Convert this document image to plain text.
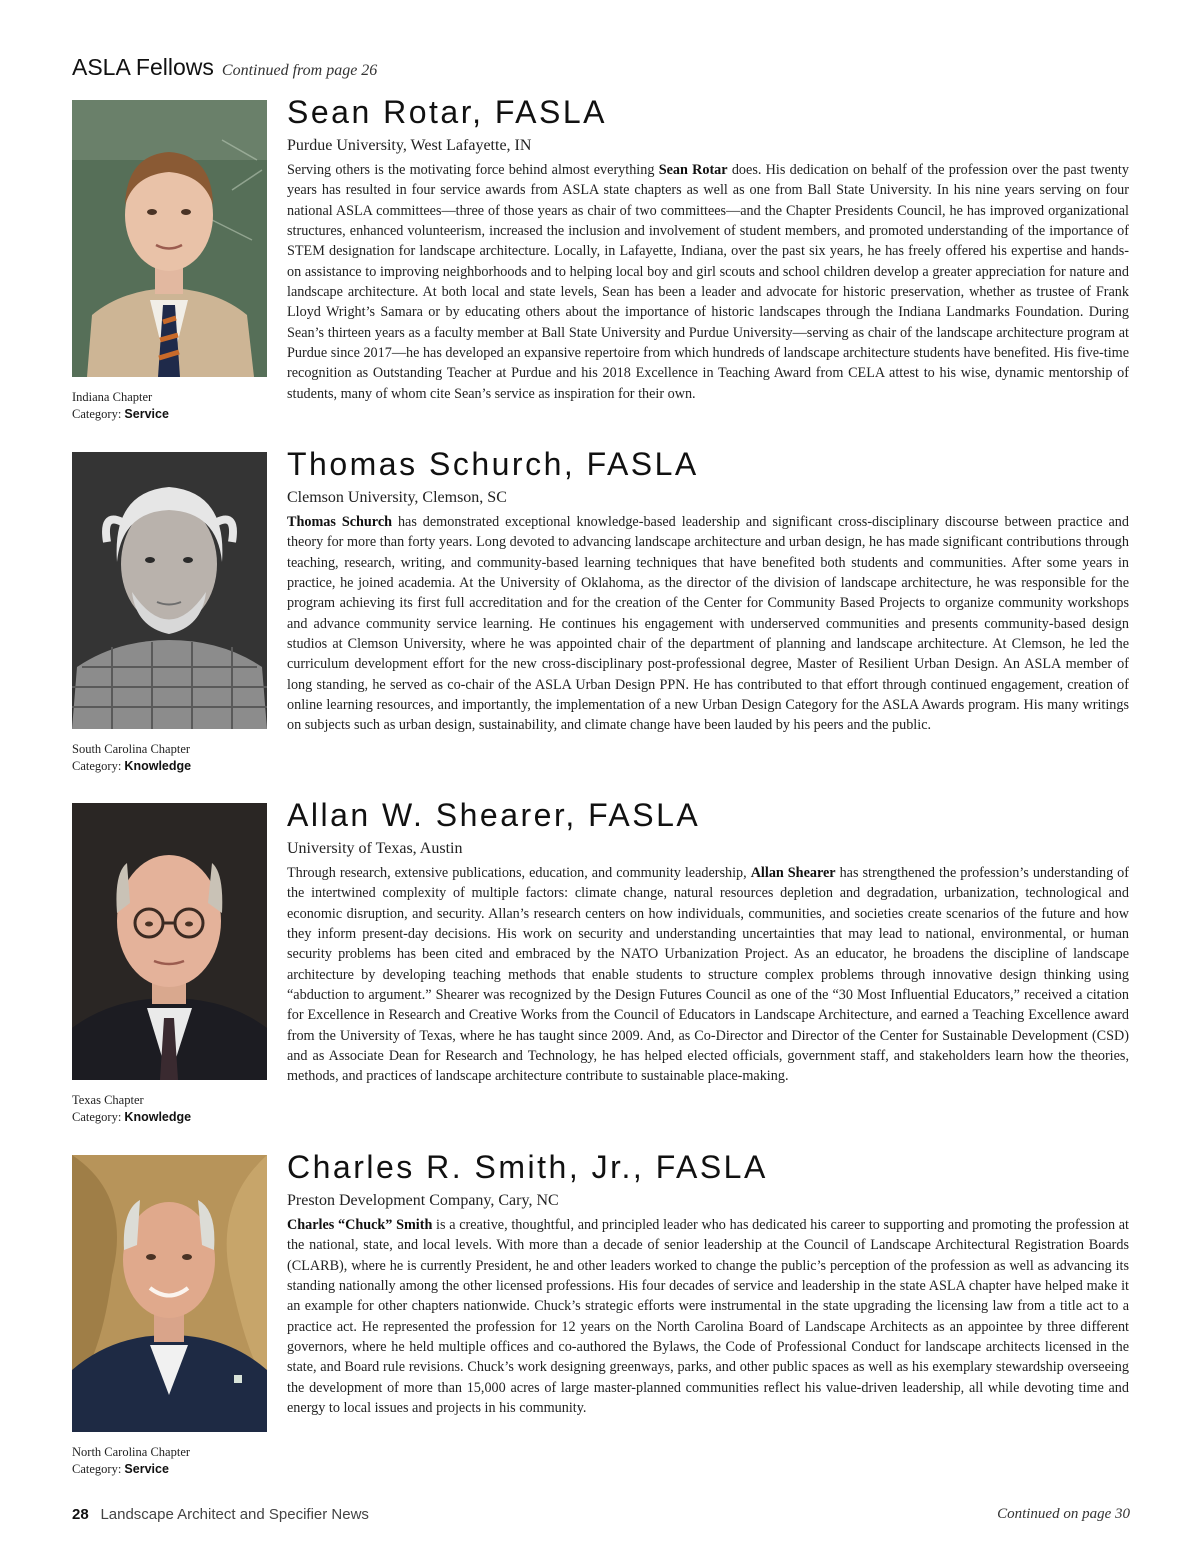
ASLA Fellows Continued from page 26
Indiana Chapter
Category: Service
Sean Rotar, FASLA
Purdue University, West Lafayette, IN
Serving others is the motivating force behind almost everything Sean Rotar does. His dedication on behalf of the profession over the past twenty years has resulted in four service awards from ASLA state chapters as well as one from Ball State University. In his nine years serving on four national ASLA committees—three of those years as chair of two committees—and the Chapter Presidents Council, he has improved organizational structures, enhanced volunteerism, increased the inclusion and involvement of student members, and promoted understanding of the importance of STEM designation for landscape architecture. Locally, in Lafayette, Indiana, over the past six years, he has freely offered his expertise and hands-on assistance to improving neighborhoods and to helping local boy and girl scouts and school children develop a greater appreciation for nature and landscape architecture. At both local and state levels, Sean has been a leader and advocate for historic preservation, whether as trustee of Frank Lloyd Wright’s Samara or by educating others about the importance of historic landscapes through the Indiana Landmarks Foundation. During Sean’s thirteen years as a faculty member at Ball State University and Purdue University—serving as chair of the landscape architecture program at Purdue since 2017—he has developed an expansive repertoire from which hundreds of landscape architecture students have benefited. His five-time recognition as Outstanding Teacher at Purdue and his 2018 Excellence in Teaching Award from CELA attest to his wise, dynamic mentorship of students, many of whom cite Sean’s service as inspiration for their own.
South Carolina Chapter
Category: Knowledge
Thomas Schurch, FASLA
Clemson University, Clemson, SC
Thomas Schurch has demonstrated exceptional knowledge-based leadership and significant cross-disciplinary discourse between practice and theory for more than forty years. Long devoted to advancing landscape architecture and urban design, he has made significant contributions through teaching, research, writing, and community-based learning techniques that have benefited both students and communities. After some years in practice, he joined academia. At the University of Oklahoma, as the director of the division of landscape architecture, he was responsible for the program achieving its first full accreditation and for the creation of the Center for Community Based Projects to organize community workshops and advance community service learning. He continues his engagement with underserved communities and presents community-based design studios at Clemson University, where he was appointed chair of the department of planning and landscape architecture. At Clemson, he led the curriculum development effort for the new cross-disciplinary post-professional degree, Master of Resilient Urban Design. An ASLA member of long standing, he served as co-chair of the ASLA Urban Design PPN. He has contributed to that effort through continued engagement, creation of online learning resources, and importantly, the implementation of a new Urban Design Category for the ASLA Awards program. His many writings on subjects such as urban design, sustainability, and climate change have been lauded by his peers and the public.
Texas Chapter
Category: Knowledge
Allan W. Shearer, FASLA
University of Texas, Austin
Through research, extensive publications, education, and community leadership, Allan Shearer has strengthened the profession’s understanding of the intertwined complexity of multiple factors: climate change, natural resources depletion and degradation, urbanization, technological and economic disruption, and security. Allan’s research centers on how individuals, communities, and societies create scenarios of the future and how they inform present-day decisions. His work on security and understanding uncertainties that may lead to national, environmental, or human security problems has been cited and embraced by the NATO Urbanization Project. As an educator, he broadens the discipline of landscape architecture by developing teaching methods that enable students to structure complex problems through innovative design thinking using “abduction to argument.” Shearer was recognized by the Design Futures Council as one of the “30 Most Influential Educators,” received a citation for Excellence in Research and Creative Works from the Council of Educators in Landscape Architecture, and earned a Teaching Excellence award from the University of Texas, where he has taught since 2009. And, as Co-Director and Director of the Center for Sustainable Development (CSD) and as Associate Dean for Research and Technology, he has helped elected officials, government staff, and stakeholders learn how the theories, methods, and practices of landscape architecture contribute to sustainable place-making.
North Carolina Chapter
Category: Service
Charles R. Smith, Jr., FASLA
Preston Development Company, Cary, NC
Charles “Chuck” Smith is a creative, thoughtful, and principled leader who has dedicated his career to supporting and promoting the profession at the national, state, and local levels. With more than a decade of senior leadership at the Council of Landscape Architectural Registration Boards (CLARB), where he is currently President, he and other leaders worked to change the public’s perception of the profession as well as advancing its standing nationally among the other licensed professions. His four decades of service and leadership in the state ASLA chapter have helped make it an example for other chapters nationwide. Chuck’s strategic efforts were instrumental in the state upgrading the licensing law from a title act to a practice act. He represented the profession for 12 years on the North Carolina Board of Landscape Architects as an appointee by three different governors, where he held multiple offices and co-authored the Bylaws, the Code of Professional Conduct for landscape architects licensed in the state, and Board rule revisions. Chuck’s work designing greenways, parks, and other public spaces as well as his exemplary stewardship overseeing the development of more than 15,000 acres of large master-planned communities reflect his value-driven leadership, all while devoting time and energy to local issues and projects in his community.
28 Landscape Architect and Specifier News	Continued on page 30
